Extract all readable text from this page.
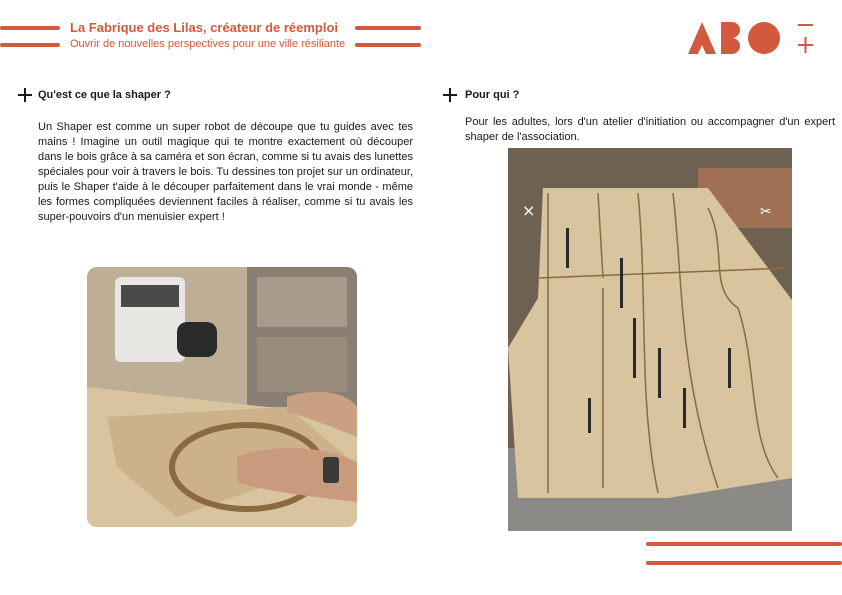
La Fabrique des Lilas, créateur de réemploi
Ouvrir de nouvelles perspectives pour une ville résiliante
Qu'est ce que la shaper ?
Un Shaper est comme un super robot de découpe que tu guides avec tes mains ! Imagine un outil magique qui te montre exactement où découper dans le bois grâce à sa caméra et son écran, comme si tu avais des lunettes spéciales pour voir à travers le bois. Tu dessines ton projet sur un ordinateur, puis le Shaper t'aide à le découper parfaitement dans le vrai monde - même les formes compliquées deviennent faciles à réaliser, comme si tu avais les super-pouvoirs d'un menuisier expert !
Pour qui ?
Pour les adultes, lors d'un atelier d'initiation ou accompagner d'un expert shaper de l'association.
×	✂
